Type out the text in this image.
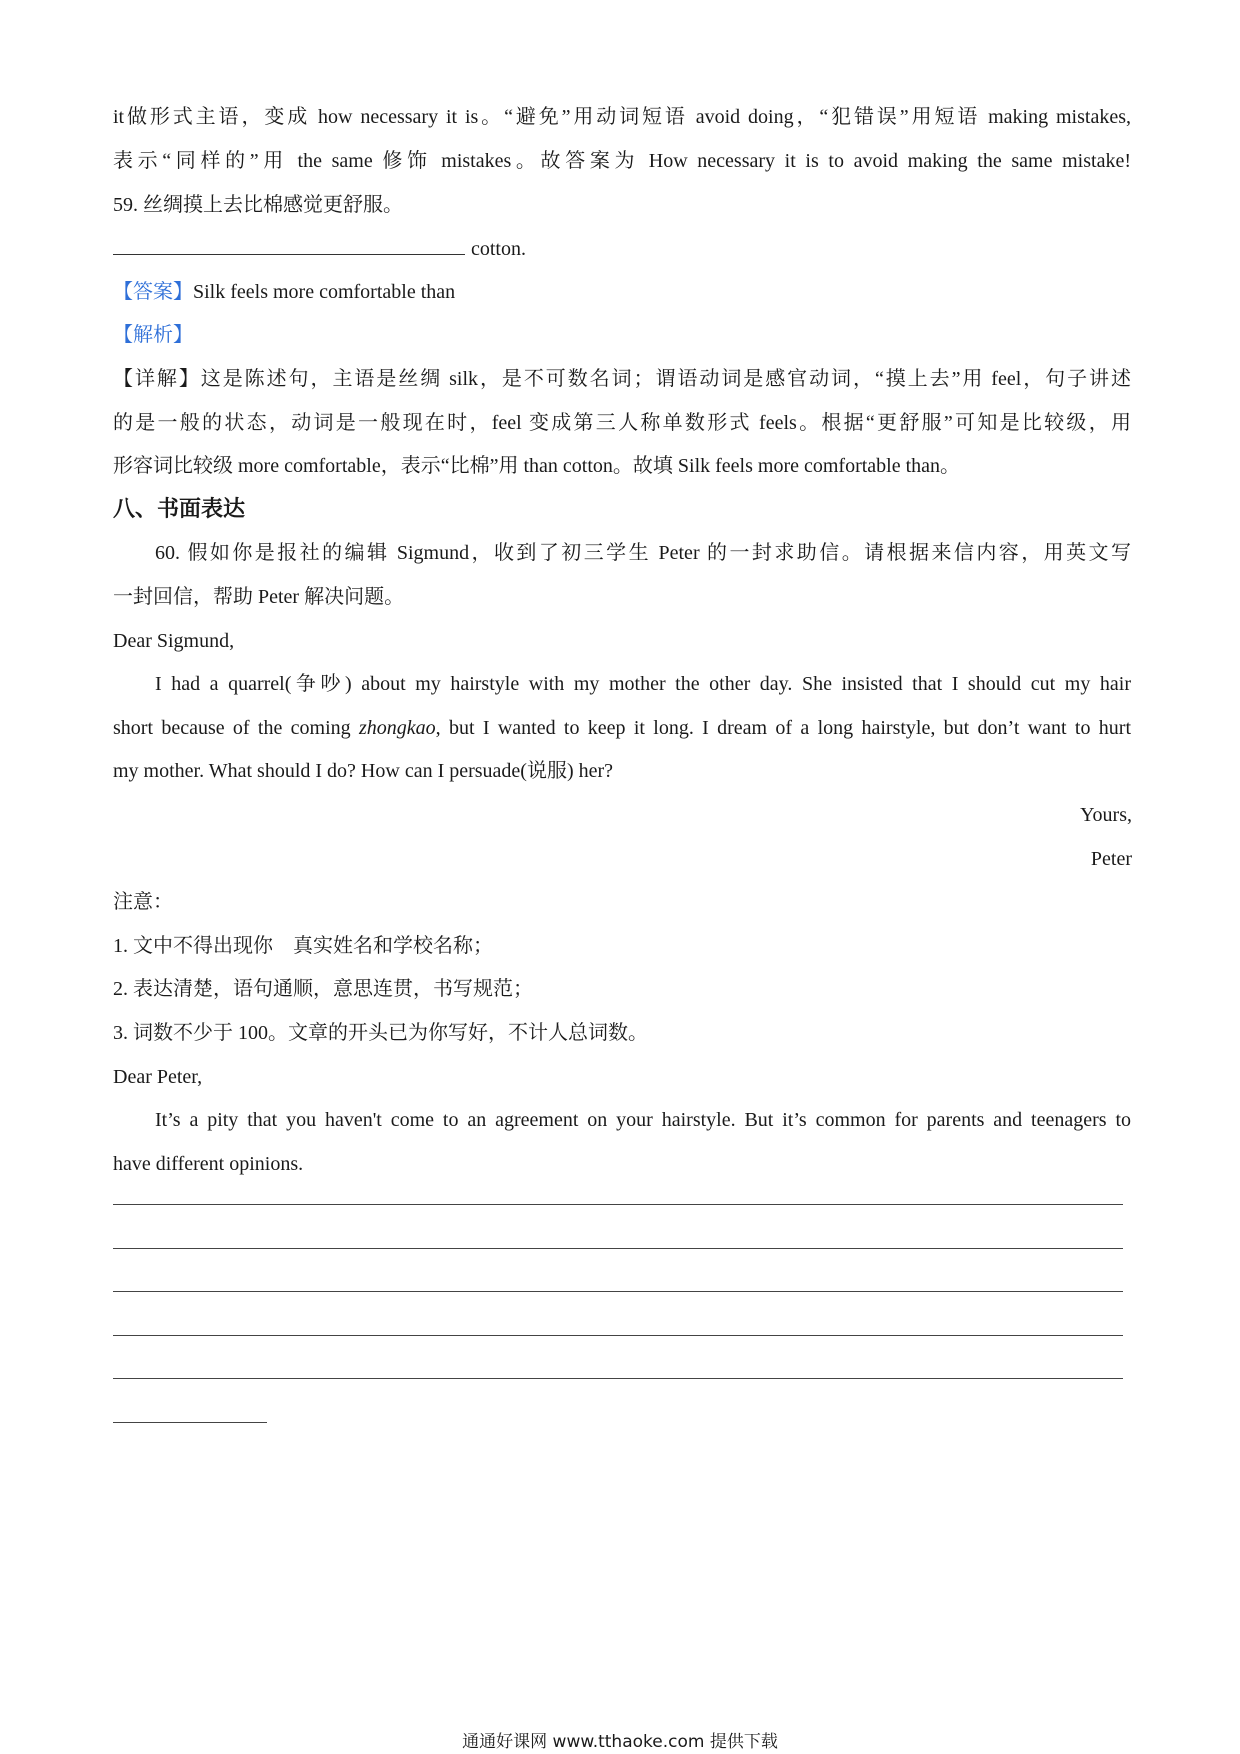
it做形式主语，变成 how necessary it is。“避免”用动词短语 avoid doing，“犯错误”用短语 making mistakes,
表示“同样的”用 the same 修饰 mistakes。故答案为 How necessary it is to avoid making the same mistake!
59. 丝绸摸上去比棉感觉更舒服。
cotton.
【答案】Silk feels more comfortable than
【解析】
【详解】这是陈述句，主语是丝绸 silk，是不可数名词；谓语动词是感官动词，“摸上去”用 feel，句子讲述
的是一般的状态，动词是一般现在时，feel 变成第三人称单数形式 feels。根据“更舒服”可知是比较级，用
形容词比较级 more comfortable，表示“比棉”用 than cotton。故填 Silk feels more comfortable than。
八、书面表达
60. 假如你是报社的编辑 Sigmund，收到了初三学生 Peter 的一封求助信。请根据来信内容，用英文写
一封回信，帮助 Peter 解决问题。
Dear Sigmund,
I had a quarrel(争吵) about my hairstyle with my mother the other day. She insisted that I should cut my hair
short because of the coming zhongkao, but I wanted to keep it long. I dream of a long hairstyle, but don’t want to hurt
my mother. What should I do? How can I persuade(说服) her?
Yours,
Peter
注意：
1. 文中不得出现你　真实姓名和学校名称；
2. 表达清楚，语句通顺，意思连贯，书写规范；
3. 词数不少于 100。文章的开头已为你写好，不计人总词数。
Dear Peter,
It’s a pity that you haven't come to an agreement on your hairstyle. But it’s common for parents and teenagers to
have different opinions.
通通好课网 www.tthaoke.com 提供下载
